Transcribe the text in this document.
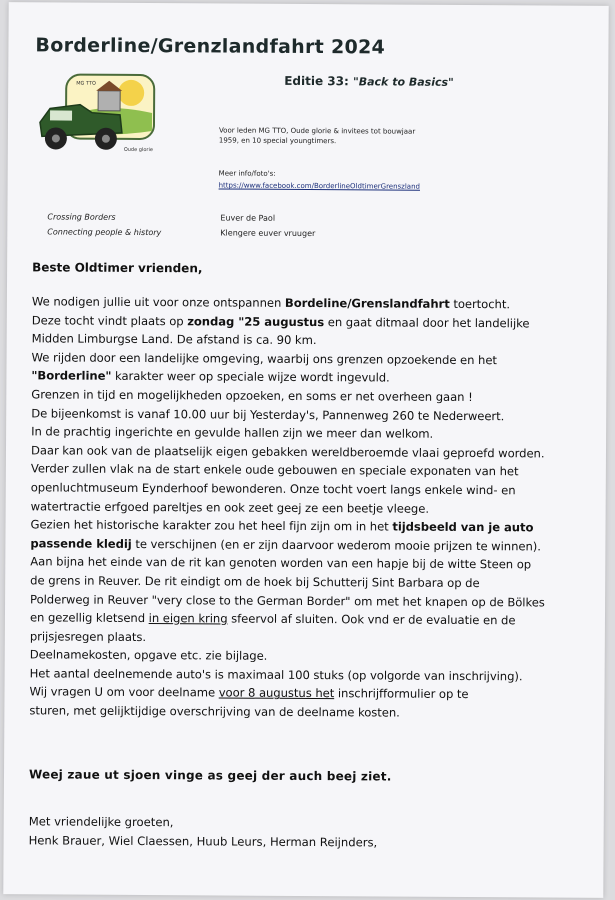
Borderline/Grenzlandfahrt 2024
Editie 33: "Back to Basics"
MG TTO
Oude glorie
Voor leden MG TTO, Oude glorie & invitees tot bouwjaar
1959, en 10 special youngtimers.
Meer info/foto's:
https://www.facebook.com/BorderlineOldtimerGrenszland
Crossing Borders
Connecting people & history
Euver de Paol
Klengere euver vruuger
Beste Oldtimer vrienden,

We nodigen jullie uit voor onze ontspannen Bordeline/Grenslandfahrt toertocht.

Deze tocht vindt plaats op zondag "25 augustus en gaat ditmaal door het landelijke

Midden Limburgse Land. De afstand is ca. 90 km.

We rijden door een landelijke omgeving, waarbij ons grenzen opzoekende en het

"Borderline" karakter weer op speciale wijze wordt ingevuld.

Grenzen in tijd en mogelijkheden opzoeken, en soms er net overheen gaan !

De bijeenkomst is vanaf 10.00 uur bij Yesterday's, Pannenweg 260 te Nederweert.

In de prachtig ingerichte en gevulde hallen zijn we meer dan welkom.

Daar kan ook van de plaatselijk eigen gebakken wereldberoemde vlaai geproefd worden.

Verder zullen vlak na de start enkele oude gebouwen en speciale exponaten van het

openluchtmuseum Eynderhoof bewonderen. Onze tocht voert langs enkele wind- en

watertractie erfgoed pareltjes en ook zeet geej ze een beetje vleege.

Gezien het historische karakter zou het heel fijn zijn om in het tijdsbeeld van je auto

passende kledij te verschijnen (en er zijn daarvoor wederom mooie prijzen te winnen).

Aan bijna het einde van de rit kan genoten worden van een hapje bij de witte Steen op

de grens in Reuver. De rit eindigt om de hoek bij Schutterij Sint Barbara op de

Polderweg in Reuver "very close to the German Border" om met het knapen op de Bölkes

en gezellig kletsend in eigen kring sfeervol af sluiten. Ook vnd er de evaluatie en de

prijsjesregen plaats.

Deelnamekosten, opgave etc. zie bijlage.

Het aantal deelnemende auto's is maximaal 100 stuks (op volgorde van inschrijving).

Wij vragen U om voor deelname voor 8 augustus het inschrijfformulier op te

sturen, met gelijktijdige overschrijving van de deelname kosten.

Weej zaue ut sjoen vinge as geej der auch beej ziet.

Met vriendelijke groeten,

Henk Brauer, Wiel Claessen, Huub Leurs, Herman Reijnders,
